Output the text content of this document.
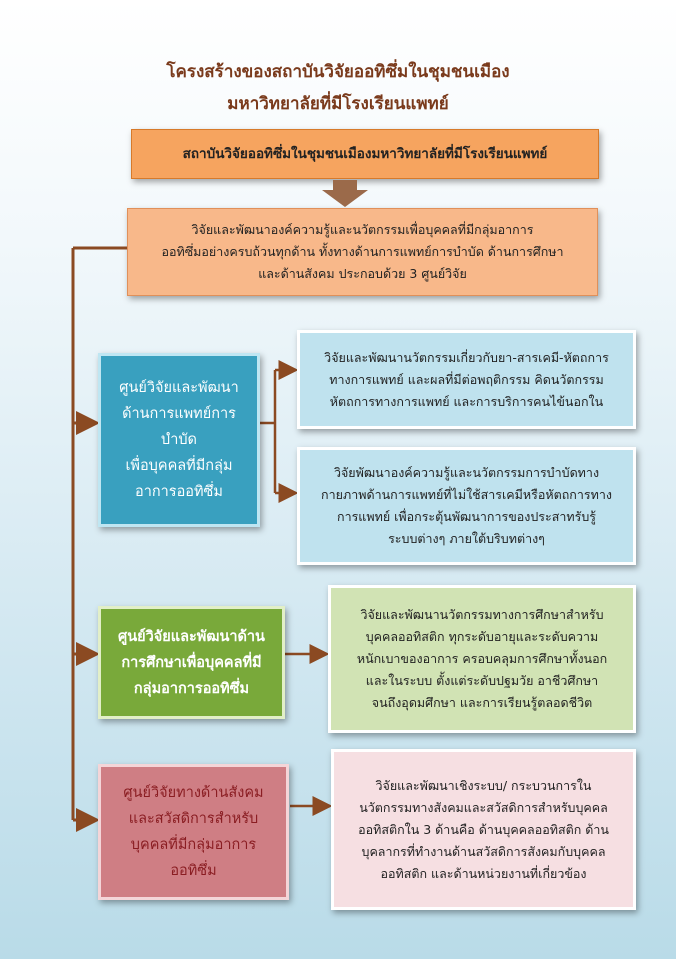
โครงสร้างของสถาบันวิจัยออทิซึ่มในชุมชนเมือง
มหาวิทยาลัยที่มีโรงเรียนแพทย์
สถาบันวิจัยออทิซึ่มในชุมชนเมืองมหาวิทยาลัยที่มีโรงเรียนแพทย์
วิจัยและพัฒนาองค์ความรู้และนวัตกรรมเพื่อบุคคลที่มีกลุ่มอาการ
ออทิซึ่มอย่างครบถ้วนทุกด้าน ทั้งทางด้านการแพทย์การบำบัด ด้านการศึกษา
และด้านสังคม ประกอบด้วย 3 ศูนย์วิจัย
ศูนย์วิจัยและพัฒนา
ด้านการแพทย์การ
บำบัด
เพื่อบุคคลที่มีกลุ่ม
อาการออทิซึ่ม
วิจัยและพัฒนานวัตกรรมเกี่ยวกับยา-สารเคมี-หัตถการ
ทางการแพทย์ และผลที่มีต่อพฤติกรรม คิดนวัตกรรม
หัตถการทางการแพทย์ และการบริการคนไข้นอกใน
วิจัยพัฒนาองค์ความรู้และนวัตกรรมการบำบัดทาง
กายภาพด้านการแพทย์ที่ไม่ใช้สารเคมีหรือหัตถการทาง
การแพทย์ เพื่อกระตุ้นพัฒนาการของประสาทรับรู้
ระบบต่างๆ ภายใต้บริบทต่างๆ
ศูนย์วิจัยและพัฒนาด้าน
การศึกษาเพื่อบุคคลที่มี
กลุ่มอาการออทิซึ่ม
วิจัยและพัฒนานวัตกรรมทางการศึกษาสำหรับ
บุคคลออทิสติก ทุกระดับอายุและระดับความ
หนักเบาของอาการ ครอบคลุมการศึกษาทั้งนอก
และในระบบ ตั้งแต่ระดับปฐมวัย อาชีวศึกษา
จนถึงอุดมศึกษา และการเรียนรู้ตลอดชีวิต
ศูนย์วิจัยทางด้านสังคม
และสวัสดิการสำหรับ
บุคคลที่มีกลุ่มอาการ
ออทิซึ่ม
วิจัยและพัฒนาเชิงระบบ/ กระบวนการใน
นวัตกรรมทางสังคมและสวัสดิการสำหรับบุคคล
ออทิสติกใน 3 ด้านคือ ด้านบุคคลออทิสติก ด้าน
บุคลากรที่ทำงานด้านสวัสดิการสังคมกับบุคคล
ออทิสติก และด้านหน่วยงานที่เกี่ยวข้อง
